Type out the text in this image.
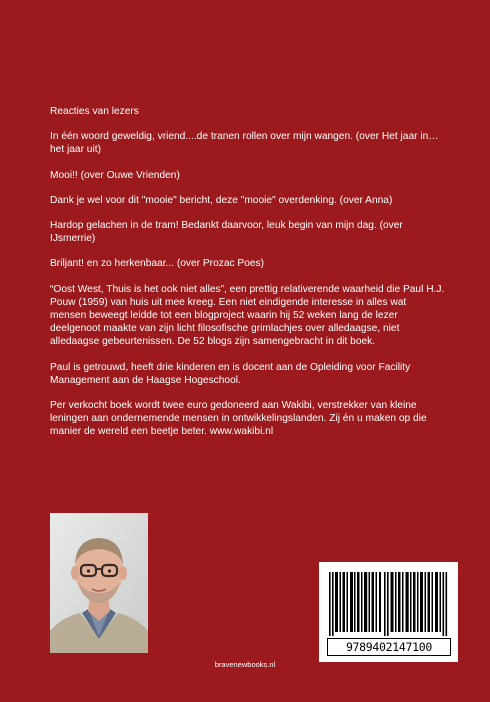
Reacties van lezers

In één woord geweldig, vriend....de tranen rollen over mijn wangen. (over Het jaar in…het jaar uit)

Mooi!! (over Ouwe Vrienden)

Dank je wel voor dit "mooie" bericht, deze "mooie" overdenking. (over Anna)

Hardop gelachen in de tram! Bedankt daarvoor, leuk begin van mijn dag. (over IJsmerrie)

Briljant! en zo herkenbaar... (over Prozac Poes)

“Oost West, Thuis is het ook niet alles”, een prettig relativerende waarheid die Paul H.J. Pouw (1959) van huis uit mee kreeg. Een niet eindigende interesse in alles wat mensen beweegt leidde tot een blogproject waarin hij 52 weken lang de lezer deelgenoot maakte van zijn licht filosofische grimlachjes over alledaagse, niet alledaagse gebeurtenissen. De 52 blogs zijn samengebracht in dit boek.

Paul is getrouwd, heeft drie kinderen en is docent aan de Opleiding voor Facility Management aan de Haagse Hogeschool.

Per verkocht boek wordt twee euro gedoneerd aan Wakibi, verstrekker van kleine leningen aan ondernemende mensen in ontwikkelingslanden. Zij én u maken op die manier de wereld een beetje beter. www.wakibi.nl

9789402147100
bravenewbooks.nl
